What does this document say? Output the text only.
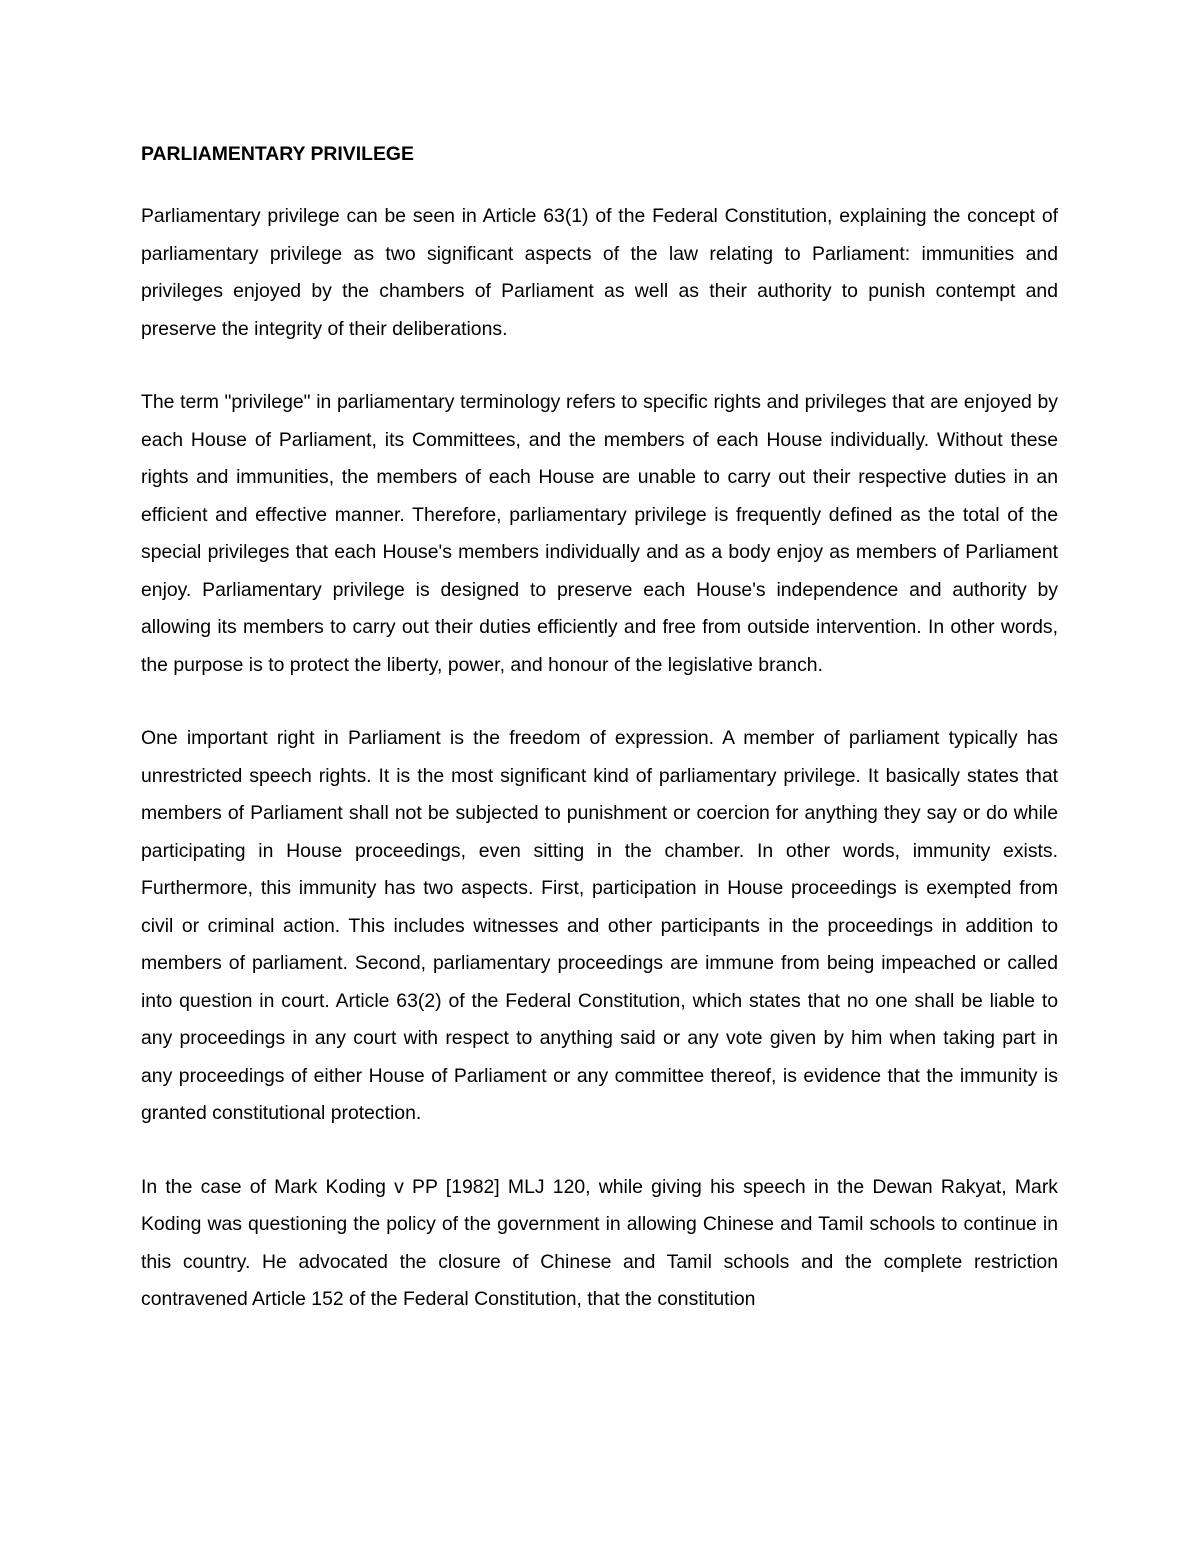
PARLIAMENTARY PRIVILEGE

Parliamentary privilege can be seen in Article 63(1) of the Federal Constitution, explaining the concept of parliamentary privilege as two significant aspects of the law relating to Parliament: immunities and privileges enjoyed by the chambers of Parliament as well as their authority to punish contempt and preserve the integrity of their deliberations.

The term "privilege" in parliamentary terminology refers to specific rights and privileges that are enjoyed by each House of Parliament, its Committees, and the members of each House individually. Without these rights and immunities, the members of each House are unable to carry out their respective duties in an efficient and effective manner. Therefore, parliamentary privilege is frequently defined as the total of the special privileges that each House's members individually and as a body enjoy as members of Parliament enjoy. Parliamentary privilege is designed to preserve each House's independence and authority by allowing its members to carry out their duties efficiently and free from outside intervention. In other words, the purpose is to protect the liberty, power, and honour of the legislative branch.

One important right in Parliament is the freedom of expression. A member of parliament typically has unrestricted speech rights. It is the most significant kind of parliamentary privilege. It basically states that members of Parliament shall not be subjected to punishment or coercion for anything they say or do while participating in House proceedings, even sitting in the chamber. In other words, immunity exists. Furthermore, this immunity has two aspects. First, participation in House proceedings is exempted from civil or criminal action. This includes witnesses and other participants in the proceedings in addition to members of parliament. Second, parliamentary proceedings are immune from being impeached or called into question in court. Article 63(2) of the Federal Constitution, which states that no one shall be liable to any proceedings in any court with respect to anything said or any vote given by him when taking part in any proceedings of either House of Parliament or any committee thereof, is evidence that the immunity is granted constitutional protection.

In the case of Mark Koding v PP [1982] MLJ 120, while giving his speech in the Dewan Rakyat, Mark Koding was questioning the policy of the government in allowing Chinese and Tamil schools to continue in this country. He advocated the closure of Chinese and Tamil schools and the complete restriction contravened Article 152 of the Federal Constitution, that the constitution
